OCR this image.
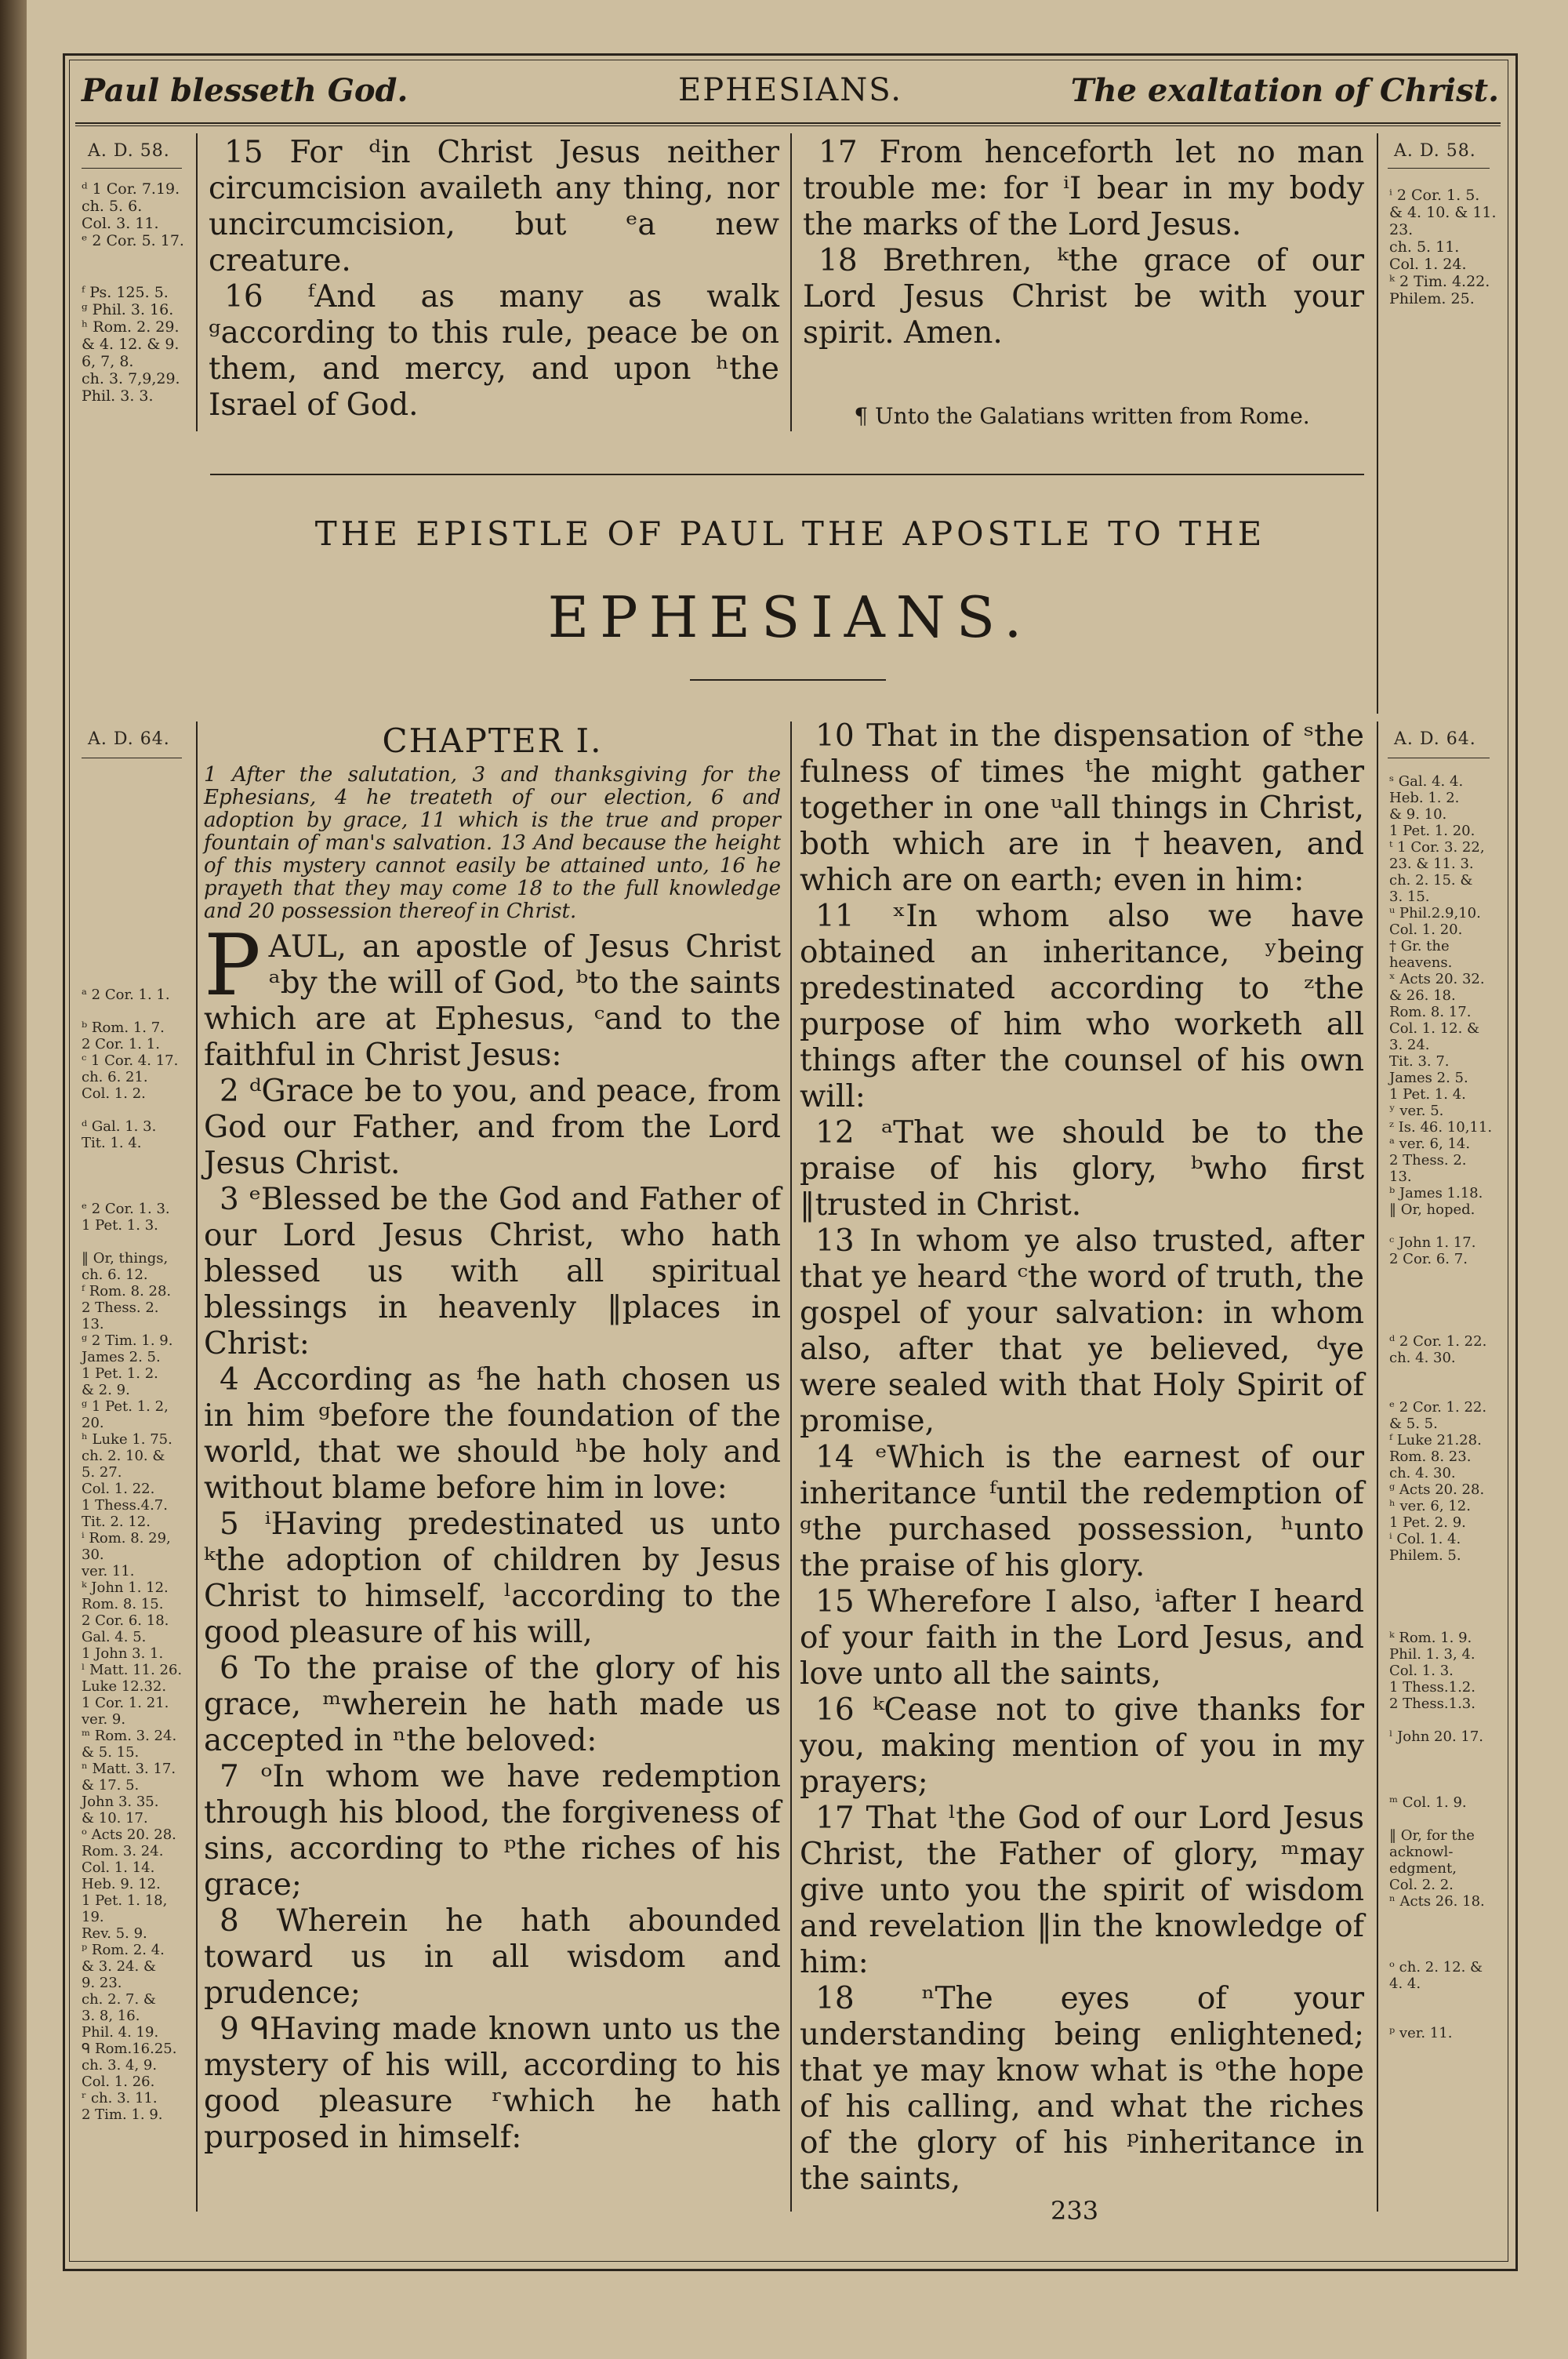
Paul blesseth God.	EPHESIANS.	The exaltation of Christ.
A. D. 58.
ᵈ 1 Cor. 7.19.
ch. 5. 6.
Col. 3. 11.
ᵉ 2 Cor. 5. 17.

ᶠ Ps. 125. 5.
ᵍ Phil. 3. 16.
ʰ Rom. 2. 29.
& 4. 12. & 9.
6, 7, 8.
ch. 3. 7,9,29.
Phil. 3. 3.

15 For ᵈin Christ Jesus neither circumcision availeth any thing, nor uncircumcision, but ᵉa new creature.

16 ᶠAnd as many as walk ᵍaccording to this rule, peace be on them, and mercy, and upon ʰthe Israel of God.

17 From henceforth let no man trouble me: for ⁱI bear in my body the marks of the Lord Jesus.

18 Brethren, ᵏthe grace of our Lord Jesus Christ be with your spirit. Amen.

¶ Unto the Galatians written from Rome.
A. D. 58.
ⁱ 2 Cor. 1. 5.
& 4. 10. & 11.
23.
ch. 5. 11.
Col. 1. 24.
ᵏ 2 Tim. 4.22.
Philem. 25.
THE EPISTLE OF PAUL THE APOSTLE TO THE
EPHESIANS.
A. D. 64.
ᵃ 2 Cor. 1. 1.

ᵇ Rom. 1. 7.
2 Cor. 1. 1.
ᶜ 1 Cor. 4. 17.
ch. 6. 21.
Col. 1. 2.

ᵈ Gal. 1. 3.
Tit. 1. 4.

ᵉ 2 Cor. 1. 3.
1 Pet. 1. 3.

‖ Or, things,
ch. 6. 12.
ᶠ Rom. 8. 28.
2 Thess. 2.
13.
ᵍ 2 Tim. 1. 9.
James 2. 5.
1 Pet. 1. 2.
& 2. 9.
ᵍ 1 Pet. 1. 2,
20.
ʰ Luke 1. 75.
ch. 2. 10. &
5. 27.
Col. 1. 22.
1 Thess.4.7.
Tit. 2. 12.
ⁱ Rom. 8. 29,
30.
ver. 11.
ᵏ John 1. 12.
Rom. 8. 15.
2 Cor. 6. 18.
Gal. 4. 5.
1 John 3. 1.
ˡ Matt. 11. 26.
Luke 12.32.
1 Cor. 1. 21.
ver. 9.
ᵐ Rom. 3. 24.
& 5. 15.
ⁿ Matt. 3. 17.
& 17. 5.
John 3. 35.
& 10. 17.
ᵒ Acts 20. 28.
Rom. 3. 24.
Col. 1. 14.
Heb. 9. 12.
1 Pet. 1. 18,
19.
Rev. 5. 9.
ᵖ Rom. 2. 4.
& 3. 24. &
9. 23.
ch. 2. 7. &
3. 8, 16.
Phil. 4. 19.
ᑫ Rom.16.25.
ch. 3. 4, 9.
Col. 1. 26.
ʳ ch. 3. 11.
2 Tim. 1. 9.

CHAPTER I.

1 After the salutation, 3 and thanksgiving for the Ephesians, 4 he treateth of our election, 6 and adoption by grace, 11 which is the true and proper fountain of man's salvation. 13 And because the height of this mystery cannot easily be attained unto, 16 he prayeth that they may come 18 to the full knowledge and 20 possession thereof in Christ.

PAUL, an apostle of Jesus Christ ᵃby the will of God, ᵇto the saints which are at Ephesus, ᶜand to the faithful in Christ Jesus:

2 ᵈGrace be to you, and peace, from God our Father, and from the Lord Jesus Christ.

3 ᵉBlessed be the God and Father of our Lord Jesus Christ, who hath blessed us with all spiritual blessings in heavenly ‖places in Christ:

4 According as ᶠhe hath chosen us in him ᵍbefore the foundation of the world, that we should ʰbe holy and without blame before him in love:

5 ⁱHaving predestinated us unto ᵏthe adoption of children by Jesus Christ to himself, ˡaccording to the good pleasure of his will,

6 To the praise of the glory of his grace, ᵐwherein he hath made us accepted in ⁿthe beloved:

7 ᵒIn whom we have redemption through his blood, the forgiveness of sins, according to ᵖthe riches of his grace;

8 Wherein he hath abounded toward us in all wisdom and prudence;

9 ᑫHaving made known unto us the mystery of his will, according to his good pleasure ʳwhich he hath purposed in himself:

10 That in the dispensation of ˢthe fulness of times ᵗhe might gather together in one ᵘall things in Christ, both which are in †heaven, and which are on earth; even in him:

11 ˣIn whom also we have obtained an inheritance, ʸbeing predestinated according to ᶻthe purpose of him who worketh all things after the counsel of his own will:

12 ᵃThat we should be to the praise of his glory, ᵇwho first ‖trusted in Christ.

13 In whom ye also trusted, after that ye heard ᶜthe word of truth, the gospel of your salvation: in whom also, after that ye believed, ᵈye were sealed with that Holy Spirit of promise,

14 ᵉWhich is the earnest of our inheritance ᶠuntil the redemption of ᵍthe purchased possession, ʰunto the praise of his glory.

15 Wherefore I also, ⁱafter I heard of your faith in the Lord Jesus, and love unto all the saints,

16 ᵏCease not to give thanks for you, making mention of you in my prayers;

17 That ˡthe God of our Lord Jesus Christ, the Father of glory, ᵐmay give unto you the spirit of wisdom and revelation ‖in the knowledge of him:

18 ⁿThe eyes of your understanding being enlightened; that ye may know what is ᵒthe hope of his calling, and what the riches of the glory of his ᵖinheritance in the saints,

A. D. 64.
ˢ Gal. 4. 4.
Heb. 1. 2.
& 9. 10.
1 Pet. 1. 20.
ᵗ 1 Cor. 3. 22,
23. & 11. 3.
ch. 2. 15. &
3. 15.
ᵘ Phil.2.9,10.
Col. 1. 20.
† Gr. the
heavens.
ˣ Acts 20. 32.
& 26. 18.
Rom. 8. 17.
Col. 1. 12. &
3. 24.
Tit. 3. 7.
James 2. 5.
1 Pet. 1. 4.
ʸ ver. 5.
ᶻ Is. 46. 10,11.
ᵃ ver. 6, 14.
2 Thess. 2.
13.
ᵇ James 1.18.
‖ Or, hoped.

ᶜ John 1. 17.
2 Cor. 6. 7.

ᵈ 2 Cor. 1. 22.
ch. 4. 30.

ᵉ 2 Cor. 1. 22.
& 5. 5.
ᶠ Luke 21.28.
Rom. 8. 23.
ch. 4. 30.
ᵍ Acts 20. 28.
ʰ ver. 6, 12.
1 Pet. 2. 9.
ⁱ Col. 1. 4.
Philem. 5.

ᵏ Rom. 1. 9.
Phil. 1. 3, 4.
Col. 1. 3.
1 Thess.1.2.
2 Thess.1.3.

ˡ John 20. 17.

ᵐ Col. 1. 9.

‖ Or, for the
acknowl-
edgment,
Col. 2. 2.
ⁿ Acts 26. 18.

ᵒ ch. 2. 12. &
4. 4.

ᵖ ver. 11.
233
